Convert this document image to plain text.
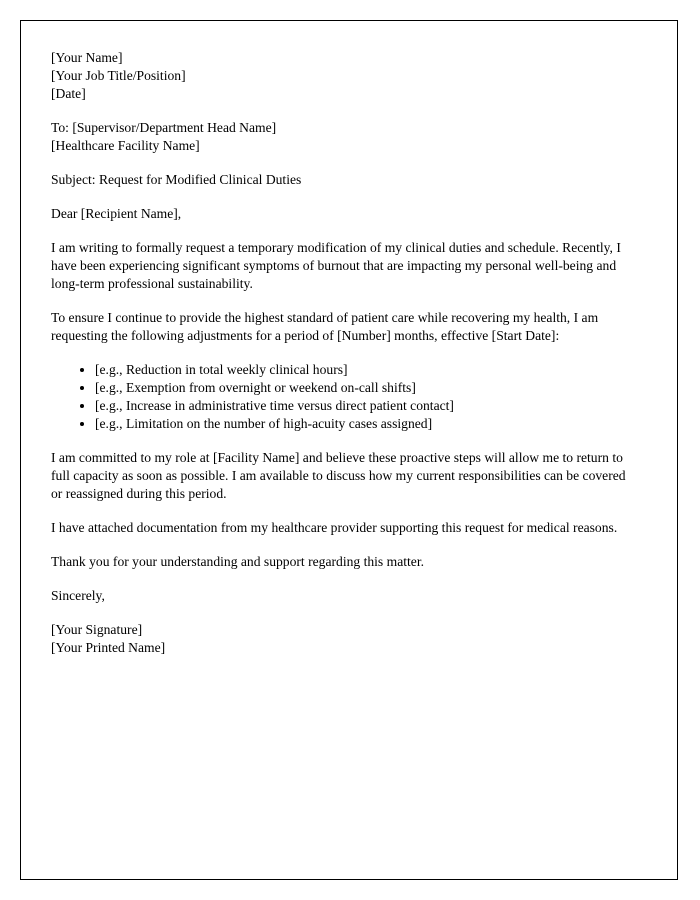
[Your Name]

[Your Job Title/Position]

[Date]

To: [Supervisor/Department Head Name]

[Healthcare Facility Name]

Subject: Request for Modified Clinical Duties

Dear [Recipient Name],

I am writing to formally request a temporary modification of my clinical duties and schedule. Recently, I have been experiencing significant symptoms of burnout that are impacting my personal well-being and long-term professional sustainability.

To ensure I continue to provide the highest standard of patient care while recovering my health, I am requesting the following adjustments for a period of [Number] months, effective [Start Date]:

• [e.g., Reduction in total weekly clinical hours]
• [e.g., Exemption from overnight or weekend on-call shifts]
• [e.g., Increase in administrative time versus direct patient contact]
• [e.g., Limitation on the number of high-acuity cases assigned]

I am committed to my role at [Facility Name] and believe these proactive steps will allow me to return to full capacity as soon as possible. I am available to discuss how my current responsibilities can be covered or reassigned during this period.

I have attached documentation from my healthcare provider supporting this request for medical reasons.

Thank you for your understanding and support regarding this matter.

Sincerely,

[Your Signature]

[Your Printed Name]
